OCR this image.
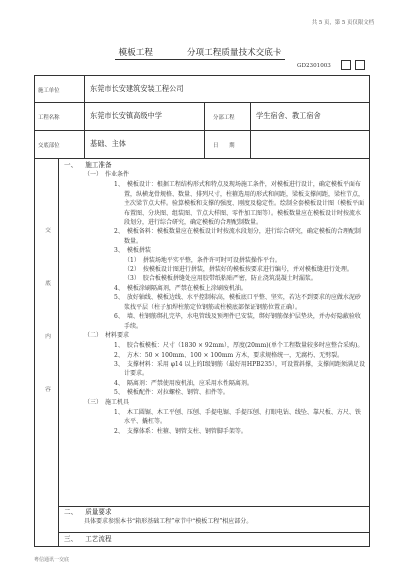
共 5 页，第 5 页仅限文档
模板工程	分项工程质量技术交底卡
GD2301003
施工单位	东莞市长安建筑安装工程公司
工程名称	东莞市长安镇高级中学	分部工程	学生宿舍、教工宿舍
交底部位	基础、主体	日　　期
交
底
内
容

一、 施工准备

（一）　作业条件

1、　模板设计：根据工程结构形式和特点及现场施工条件，对模板进行设计，确定模板平面布置，纵横龙骨规格、数量、排列尺寸，柱箍选用的形式和间距，梁板支撑间距，梁柱节点，主次梁节点大样。验算模板和支撑的强度、刚度及稳定性。绘制全套模板设计图（模板平面布置图、分块图、组装图、节点大样图、零件加工图等）。模板数量应在模板设计时按流水段划分，进行综合研究，确定模板的合理配制数量。

2、　模板备料：模板数量应在模板设计时按流水段划分，进行综合研究，确定模板的合理配制数量。

3、　模板拼装

（1）　拼装场地平实平整，条件许可时可设拼装操作平台。

（2）　按模板设计图进行拼装，拼装好的模板按要求进行编号，并对模板缝进行处理。

（3）　胶合板模板拼缝处应用胶带纸粘贴严密，防止浇筑混凝土时漏浆。

4、　模板涂刷隔离剂，严禁在模板上涂刷废机油。

5、　放好轴线、模板边线、水平控制标高，模板底口平整、坚实，若达不到要求的应做水泥砂浆找平层（柱子加焊柱筋定位钢筋或柱模底部保证钢筋位置正确）。

6、　墙、柱钢筋绑扎完毕，水电管线及预埋件已安装，绑好钢筋保护层垫块，并办好隐蔽验收手续。

（二）　材料要求

1、　胶合板模板：尺寸（1830 × 92mm），厚度(20mm)(单个工程数量较多时应整合采购)。

2、　方木：50 × 100mm、100 × 100mm 方木，要求规格统一，无腐朽、无劈裂。

3、　支撑材料：采用 φ14 以上的Ⅰ级钢筋（最好用HPB235），可设置斜撑，支撑间距须满足设计要求。

4、　隔离剂：严禁使用废机油，应采用水性隔离剂。

5、　模板配件：对拉螺栓、钢管、扣件等。

（三）　施工机具

1、　木工圆锯、木工平刨、压刨、手提电锯、手提压刨、打眼电钻、线坠、靠尺板、方尺、铁水平、撬杠等。

2、　支撑体系：柱箍、钢管支柱、钢管脚手架等。

二、 质量要求

具体要求参照本书“箱形基础工程”章节中“模板工程”相应部分。

三、 工艺流程

粤信通讯一交底
